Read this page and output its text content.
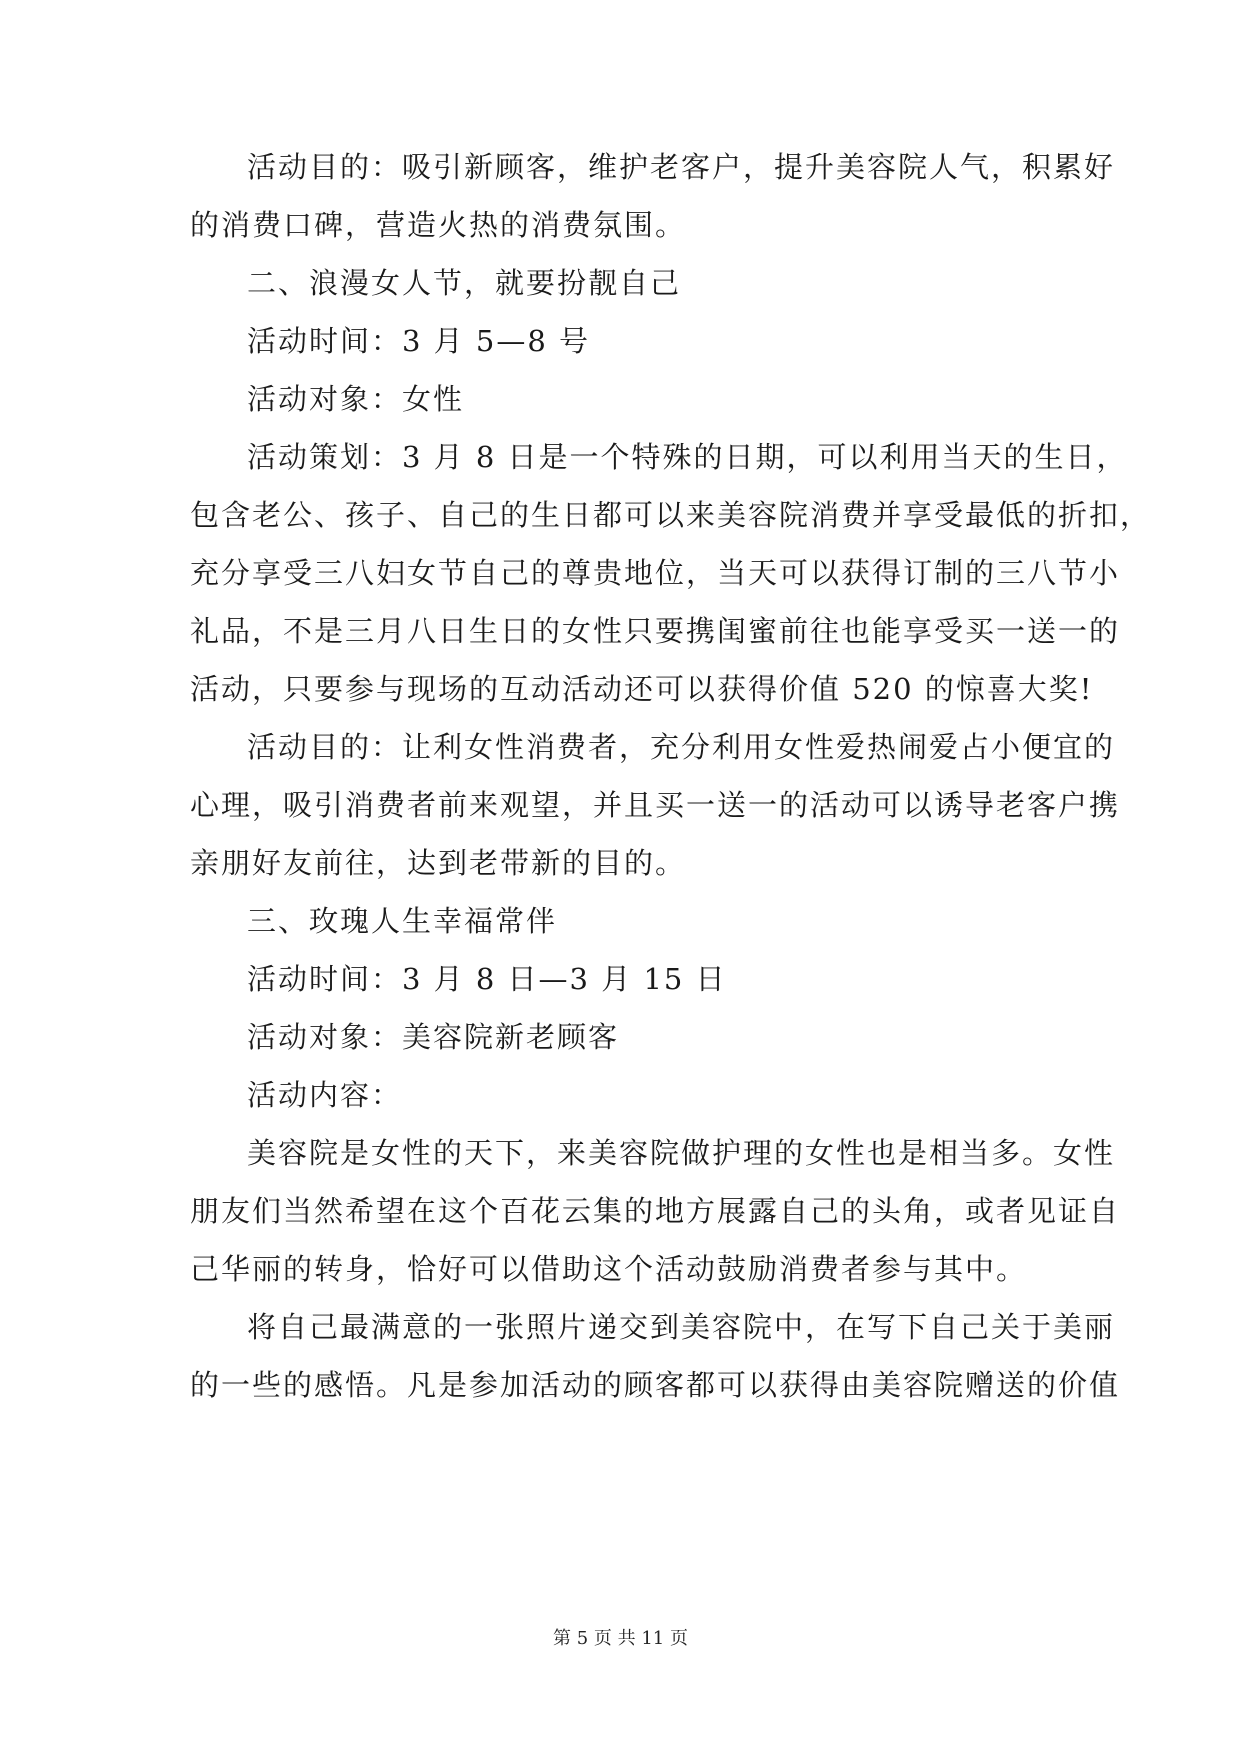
活动目的：吸引新顾客，维护老客户，提升美容院人气，积累好
的消费口碑，营造火热的消费氛围。
二、浪漫女人节，就要扮靓自己
活动时间：3 月 5—8 号
活动对象：女性
活动策划：3 月 8 日是一个特殊的日期，可以利用当天的生日，
包含老公、孩子、自己的生日都可以来美容院消费并享受最低的折扣，
充分享受三八妇女节自己的尊贵地位，当天可以获得订制的三八节小
礼品，不是三月八日生日的女性只要携闺蜜前往也能享受买一送一的
活动，只要参与现场的互动活动还可以获得价值 520 的惊喜大奖!
活动目的：让利女性消费者，充分利用女性爱热闹爱占小便宜的
心理，吸引消费者前来观望，并且买一送一的活动可以诱导老客户携
亲朋好友前往，达到老带新的目的。
三、玫瑰人生幸福常伴
活动时间：3 月 8 日—3 月 15 日
活动对象：美容院新老顾客
活动内容：
美容院是女性的天下，来美容院做护理的女性也是相当多。女性
朋友们当然希望在这个百花云集的地方展露自己的头角，或者见证自
己华丽的转身，恰好可以借助这个活动鼓励消费者参与其中。
将自己最满意的一张照片递交到美容院中，在写下自己关于美丽
的一些的感悟。凡是参加活动的顾客都可以获得由美容院赠送的价值
第 5 页 共 11 页
